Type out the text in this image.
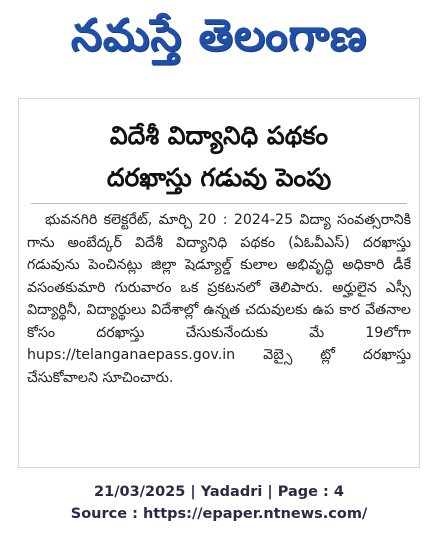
నమస్తే తెలంగాణ
విదేశీ విద్యానిధి పథకం
దరఖాస్తు గడువు పెంపు
భువనగిరి కలెక్టరేట్, మార్చి 20 : 2024-25 విద్యా సంవత్సరానికి గాను అంబేద్కర్ విదేశీ విద్యానిధి పథకం (ఏఓవీఎస్) దరఖాస్తు గడువును పెంచినట్లు జిల్లా షెడ్యూల్డ్ కులాల అభివృద్ధి అధికారి డీకే వసంతకుమారి గురువారం ఒక ప్రకటనలో తెలిపారు. అర్హులైన ఎస్సీ విద్యార్థినీ, విద్యార్థులు విదేశాల్లో ఉన్నత చదువులకు ఉప కార వేతనాల కోసం దరఖాస్తు చేసుకునేందుకు మే 19లోగా hups://telanganaepass.gov.in వెబ్సై ట్లో దరఖాస్తు చేసుకోవాలని సూచించారు.
21/03/2025 | Yadadri | Page : 4
Source : https://epaper.ntnews.com/
